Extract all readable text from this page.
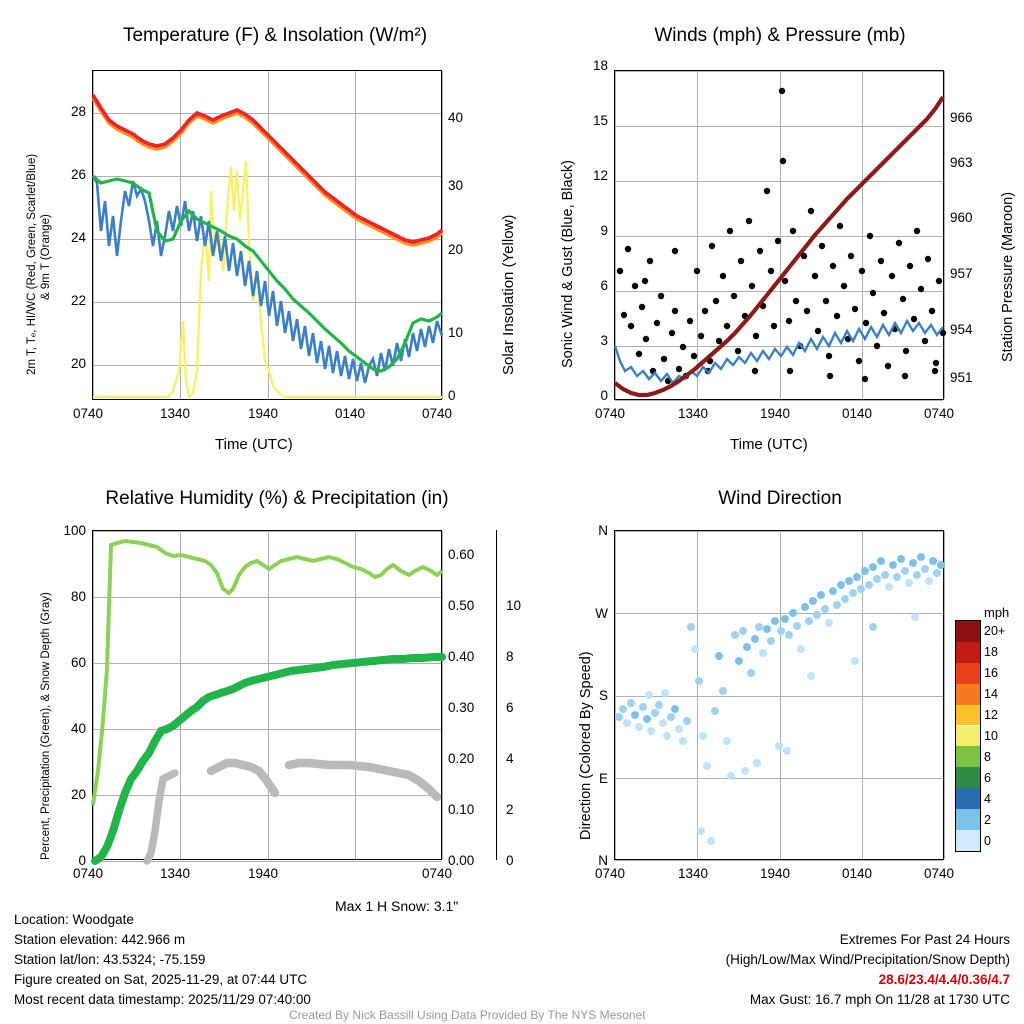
Temperature (F) & Insolation (W/m²)
2m T, Tₑ, HI/WC (Red, Green, Scarlet/Blue) & 9m T (Orange)	Solar Insolation (Yellow)
20
22
24
26
28
0
10
20
30
40
0740	1340	1940	0140	0740
Time (UTC)
Winds (mph) & Pressure (mb)
Sonic Wind & Gust (Blue, Black)	Station Pressure (Maroon)
0
3
6
9
12
15
18
951
954
957
960
963
966
0740	1340	1940	0140	0740
Time (UTC)
Relative Humidity (%) & Precipitation (in)
Percent, Precipitation (Green), & Snow Depth (Gray)
0
20
40
60
80
100
0.00
0.10
0.20
0.30
0.40
0.50
0.60
0
2
4
6
8
10
0740	1340	1940	0740
Max 1 H Snow: 3.1"
Wind Direction
Direction (Colored By Speed)
N
E
S
W
N
0740	1340	1940	0140	0740
mph
20+
18
16
14
12
10
8
6
4
2
0
Location: Woodgate
Station elevation: 442.966 m
Station lat/lon: 43.5324; -75.159
Figure created on Sat, 2025-11-29, at 07:44 UTC
Most recent data timestamp: 2025/11/29 07:40:00
Extremes For Past 24 Hours
(High/Low/Max Wind/Precipitation/Snow Depth)
28.6/23.4/4.4/0.36/4.7
Max Gust: 16.7 mph On 11/28 at 1730 UTC
Created By Nick Bassill Using Data Provided By The NYS Mesonet
